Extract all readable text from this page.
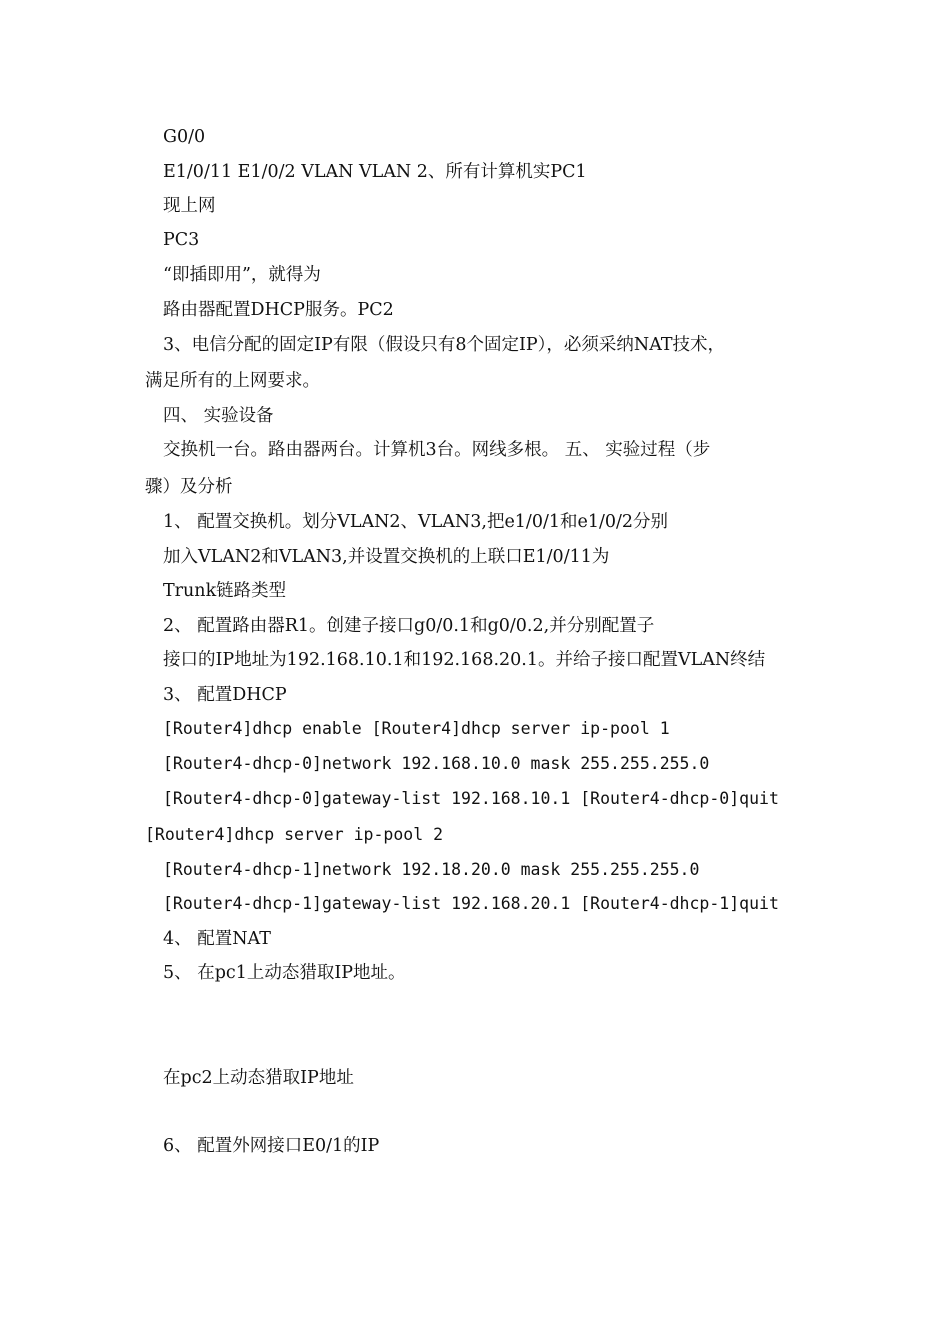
G0/0
E1/0/11 E1/0/2 VLAN VLAN 2、所有计算机实PC1
现上网
PC3
“即插即用”，就得为
路由器配置DHCP服务。PC2
3、电信分配的固定IP有限（假设只有8个固定IP），必须采纳NAT技术，
满足所有的上网要求。
四、 实验设备
交换机一台。路由器两台。计算机3台。网线多根。 五、 实验过程（步
骤）及分析
1、 配置交换机。划分VLAN2、VLAN3,把e1/0/1和e1/0/2分别
加入VLAN2和VLAN3,并设置交换机的上联口E1/0/11为
Trunk链路类型
2、 配置路由器R1。创建子接口g0/0.1和g0/0.2,并分别配置子
接口的IP地址为192.168.10.1和192.168.20.1。并给子接口配置VLAN终结
3、 配置DHCP
[Router4]dhcp enable [Router4]dhcp server ip-pool 1
[Router4-dhcp-0]network 192.168.10.0 mask 255.255.255.0
[Router4-dhcp-0]gateway-list 192.168.10.1 [Router4-dhcp-0]quit
[Router4]dhcp server ip-pool 2
[Router4-dhcp-1]network 192.18.20.0 mask 255.255.255.0
[Router4-dhcp-1]gateway-list 192.168.20.1 [Router4-dhcp-1]quit
4、 配置NAT
5、 在pc1上动态猎取IP地址。
在pc2上动态猎取IP地址
6、 配置外网接口E0/1的IP
